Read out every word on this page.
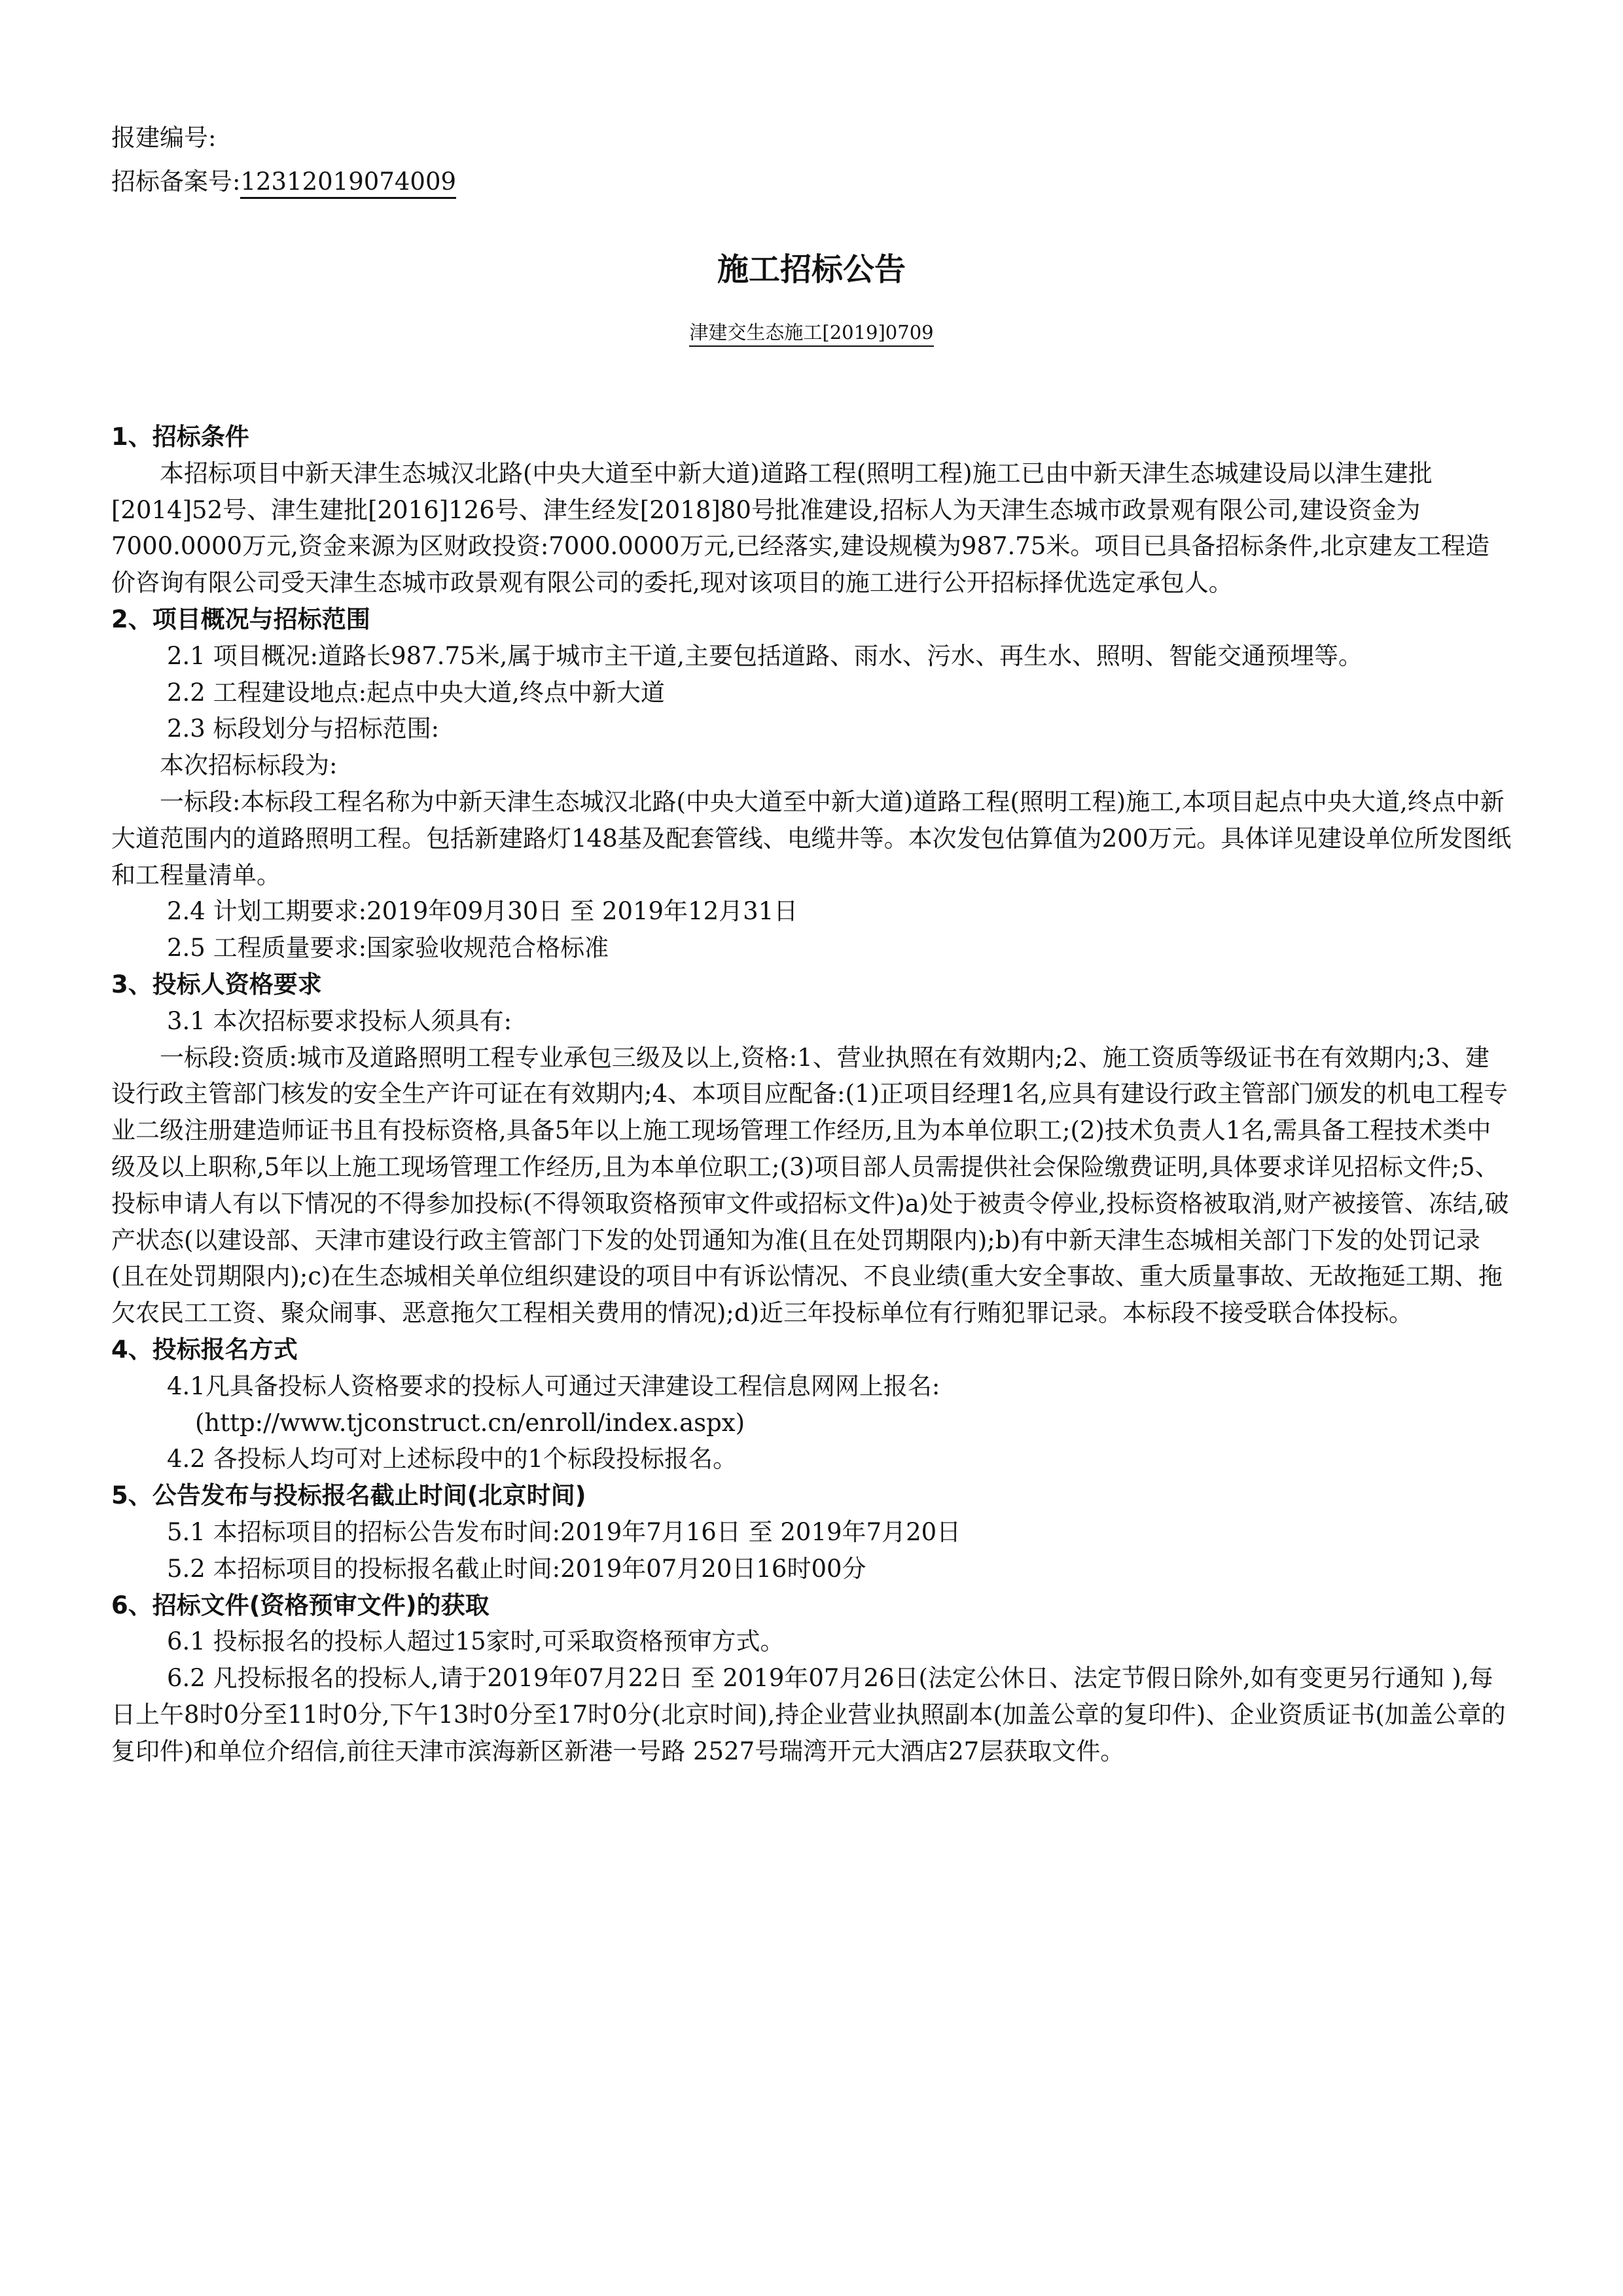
报建编号:
招标备案号:12312019074009
施工招标公告
津建交生态施工[2019]0709
1、招标条件
本招标项目中新天津生态城汉北路(中央大道至中新大道)道路工程(照明工程)施工已由中新天津生态城建设局以津生建批[2014]52号、津生建批[2016]126号、津生经发[2018]80号批准建设,招标人为天津生态城市政景观有限公司,建设资金为7000.0000万元,资金来源为区财政投资:7000.0000万元,已经落实,建设规模为987.75米。项目已具备招标条件,北京建友工程造价咨询有限公司受天津生态城市政景观有限公司的委托,现对该项目的施工进行公开招标择优选定承包人。
2、项目概况与招标范围
2.1 项目概况:道路长987.75米,属于城市主干道,主要包括道路、雨水、污水、再生水、照明、智能交通预埋等。
2.2 工程建设地点:起点中央大道,终点中新大道
2.3 标段划分与招标范围:
本次招标标段为:
一标段:本标段工程名称为中新天津生态城汉北路(中央大道至中新大道)道路工程(照明工程)施工,本项目起点中央大道,终点中新大道范围内的道路照明工程。包括新建路灯148基及配套管线、电缆井等。本次发包估算值为200万元。具体详见建设单位所发图纸和工程量清单。
2.4 计划工期要求:2019年09月30日 至 2019年12月31日
2.5 工程质量要求:国家验收规范合格标准
3、投标人资格要求
3.1 本次招标要求投标人须具有:
一标段:资质:城市及道路照明工程专业承包三级及以上,资格:1、营业执照在有效期内;2、施工资质等级证书在有效期内;3、建设行政主管部门核发的安全生产许可证在有效期内;4、本项目应配备:(1)正项目经理1名,应具有建设行政主管部门颁发的机电工程专业二级注册建造师证书且有投标资格,具备5年以上施工现场管理工作经历,且为本单位职工;(2)技术负责人1名,需具备工程技术类中级及以上职称,5年以上施工现场管理工作经历,且为本单位职工;(3)项目部人员需提供社会保险缴费证明,具体要求详见招标文件;5、投标申请人有以下情况的不得参加投标(不得领取资格预审文件或招标文件)a)处于被责令停业,投标资格被取消,财产被接管、冻结,破产状态(以建设部、天津市建设行政主管部门下发的处罚通知为准(且在处罚期限内);b)有中新天津生态城相关部门下发的处罚记录(且在处罚期限内);c)在生态城相关单位组织建设的项目中有诉讼情况、不良业绩(重大安全事故、重大质量事故、无故拖延工期、拖欠农民工工资、聚众闹事、恶意拖欠工程相关费用的情况);d)近三年投标单位有行贿犯罪记录。本标段不接受联合体投标。
4、投标报名方式
4.1凡具备投标人资格要求的投标人可通过天津建设工程信息网网上报名:
(http://www.tjconstruct.cn/enroll/index.aspx)
4.2 各投标人均可对上述标段中的1个标段投标报名。
5、公告发布与投标报名截止时间(北京时间)
5.1 本招标项目的招标公告发布时间:2019年7月16日 至 2019年7月20日
5.2 本招标项目的投标报名截止时间:2019年07月20日16时00分
6、招标文件(资格预审文件)的获取
6.1 投标报名的投标人超过15家时,可采取资格预审方式。
6.2 凡投标报名的投标人,请于2019年07月22日 至 2019年07月26日(法定公休日、法定节假日除外,如有变更另行通知 ),每日上午8时0分至11时0分,下午13时0分至17时0分(北京时间),持企业营业执照副本(加盖公章的复印件)、企业资质证书(加盖公章的复印件)和单位介绍信,前往天津市滨海新区新港一号路 2527号瑞湾开元大酒店27层获取文件。
